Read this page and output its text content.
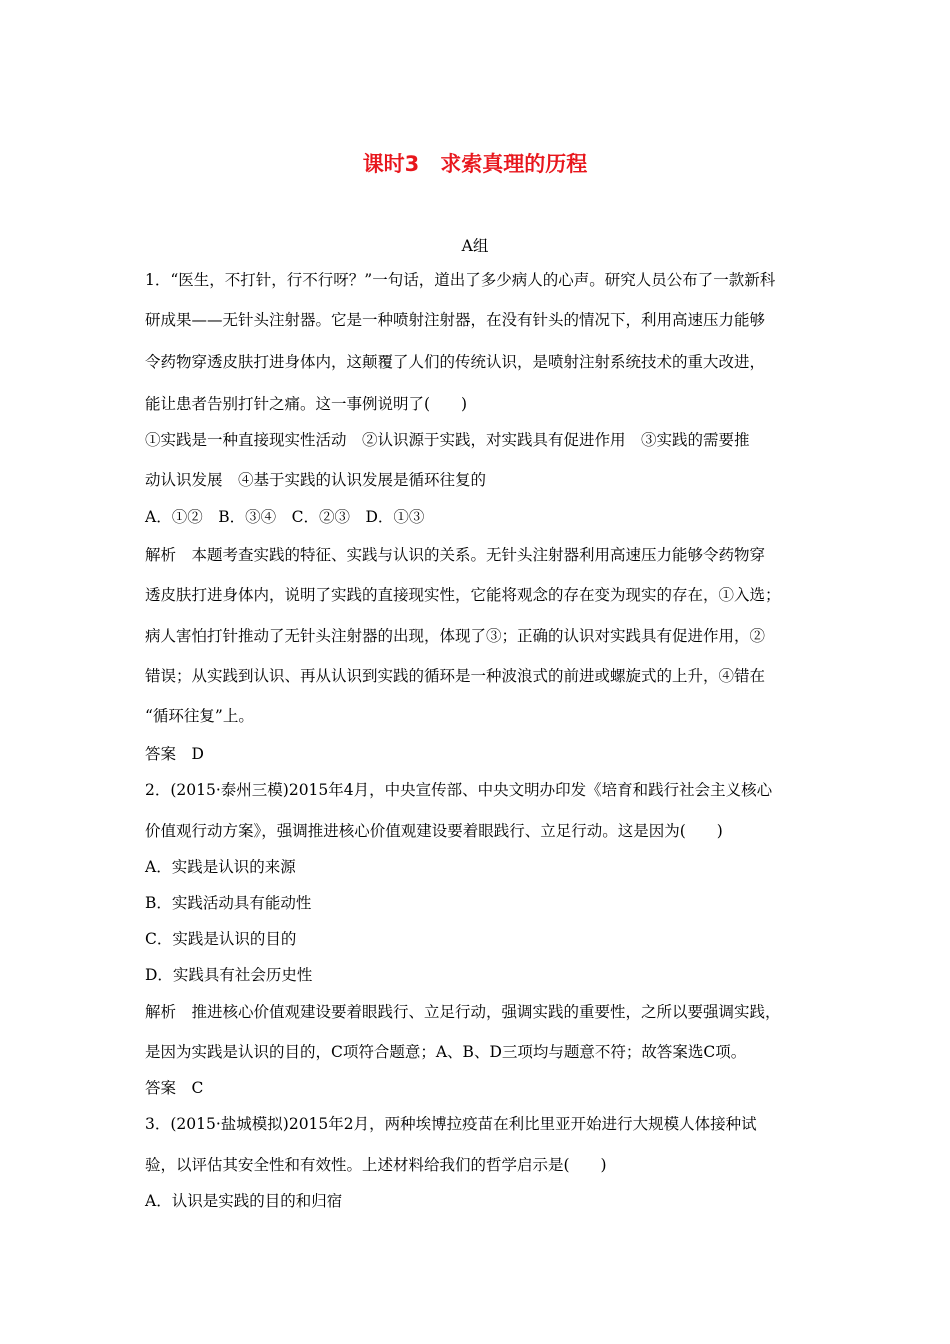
课时3　求索真理的历程
A组
1．“医生，不打针，行不行呀？”一句话，道出了多少病人的心声。研究人员公布了一款新科
研成果——无针头注射器。它是一种喷射注射器，在没有针头的情况下，利用高速压力能够
令药物穿透皮肤打进身体内，这颠覆了人们的传统认识，是喷射注射系统技术的重大改进，
能让患者告别打针之痛。这一事例说明了(　　)
①实践是一种直接现实性活动　②认识源于实践，对实践具有促进作用　③实践的需要推
动认识发展　④基于实践的认识发展是循环往复的
A．①②　B．③④　C．②③　D．①③
解析　本题考查实践的特征、实践与认识的关系。无针头注射器利用高速压力能够令药物穿
透皮肤打进身体内，说明了实践的直接现实性，它能将观念的存在变为现实的存在，①入选；
病人害怕打针推动了无针头注射器的出现，体现了③；正确的认识对实践具有促进作用，②
错误；从实践到认识、再从认识到实践的循环是一种波浪式的前进或螺旋式的上升，④错在
“循环往复”上。
答案　D
2．(2015·泰州三模)2015年4月，中央宣传部、中央文明办印发《培育和践行社会主义核心
价值观行动方案》，强调推进核心价值观建设要着眼践行、立足行动。这是因为(　　)
A．实践是认识的来源
B．实践活动具有能动性
C．实践是认识的目的
D．实践具有社会历史性
解析　推进核心价值观建设要着眼践行、立足行动，强调实践的重要性，之所以要强调实践，
是因为实践是认识的目的，C项符合题意；A、B、D三项均与题意不符；故答案选C项。
答案　C
3．(2015·盐城模拟)2015年2月，两种埃博拉疫苗在利比里亚开始进行大规模人体接种试
验，以评估其安全性和有效性。上述材料给我们的哲学启示是(　　)
A．认识是实践的目的和归宿
